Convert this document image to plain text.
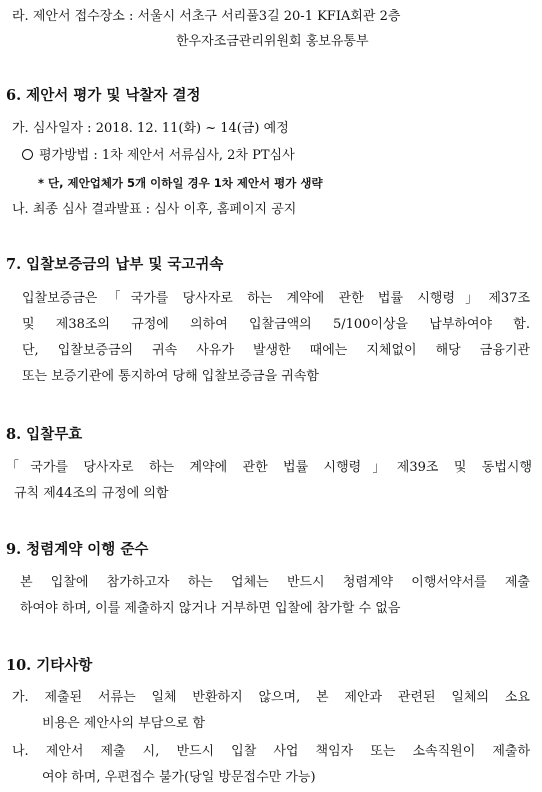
라. 제안서 접수장소 : 서울시 서초구 서리풀3길 20-1 KFIA회관 2층
한우자조금관리위원회 홍보유통부
6. 제안서 평가 및 낙찰자 결정
가. 심사일자 : 2018. 12. 11(화) ~ 14(금) 예정
평가방법 : 1차 제안서 서류심사, 2차 PT심사
* 단, 제안업체가 5개 이하일 경우 1차 제안서 평가 생략
나. 최종 심사 결과발표 : 심사 이후, 홈페이지 공지
7. 입찰보증금의 납부 및 국고귀속
입찰보증금은「국가를 당사자로 하는 계약에 관한 법률 시행령」제37조
및 제38조의 규정에 의하여 입찰금액의 5/100이상을 납부하여야 함.
단, 입찰보증금의 귀속 사유가 발생한 때에는 지체없이 해당 금융기관
또는 보증기관에 통지하여 당해 입찰보증금을 귀속함
8. 입찰무효
「국가를 당사자로 하는 계약에 관한 법률 시행령」제39조 및 동법시행
규칙 제44조의 규정에 의함
9. 청렴계약 이행 준수
본 입찰에 참가하고자 하는 업체는 반드시 청렴계약 이행서약서를 제출
하여야 하며, 이를 제출하지 않거나 거부하면 입찰에 참가할 수 없음
10. 기타사항
가. 제출된 서류는 일체 반환하지 않으며, 본 제안과 관련된 일체의 소요
비용은 제안사의 부담으로 함
나. 제안서 제출 시, 반드시 입찰 사업 책임자 또는 소속직원이 제출하
여야 하며, 우편접수 불가(당일 방문접수만 가능)
